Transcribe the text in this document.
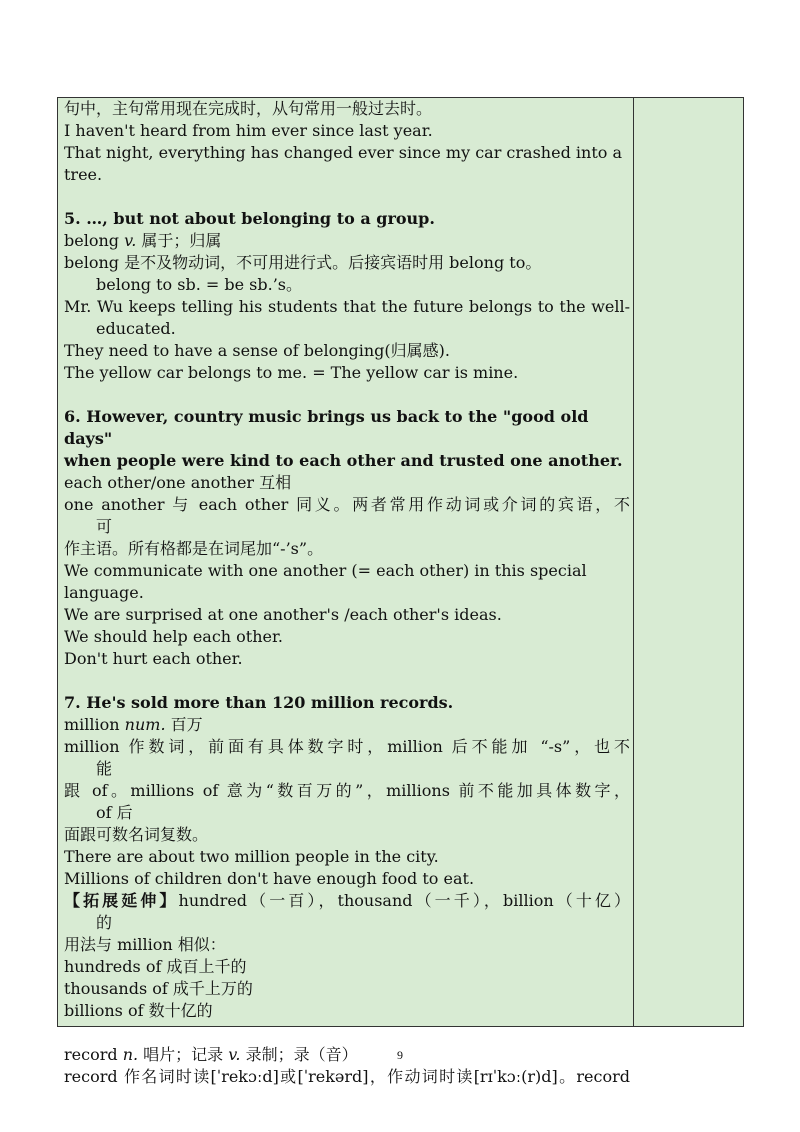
句中，主句常用现在完成时，从句常用一般过去时。

I haven't heard from him ever since last year.

That night, everything has changed ever since my car crashed into a tree.

5. …, but not about belonging to a group.

belong v. 属于；归属

belong 是不及物动词，不可用进行式。后接宾语时用 belong to。

belong to sb. = be sb.’s。

Mr. Wu keeps telling his students that the future belongs to the well-

educated.

They need to have a sense of belonging(归属感).

The yellow car belongs to me. = The yellow car is mine.

6. However, country music brings us back to the "good old days"

when people were kind to each other and trusted one another.

each other/one another 互相

one another 与 each other 同义。两者常用作动词或介词的宾语，不

可

作主语。所有格都是在词尾加“-’s”。

We communicate with one another (= each other) in this special language.

We are surprised at one another's /each other's ideas.

We should help each other.

Don't hurt each other.

7. He's sold more than 120 million records.

million num. 百万

million 作数词，前面有具体数字时，million 后不能加 “-s”，也不

能

跟 of。millions of 意为“数百万的”，millions 前不能加具体数字，

of 后

面跟可数名词复数。

There are about two million people in the city.

Millions of children don't have enough food to eat.

【拓展延伸】hundred（一百），thousand（一千），billion（十亿）

的

用法与 million 相似：

hundreds of 成百上千的

thousands of 成千上万的

billions of 数十亿的

record n. 唱片；记录 v. 录制；录（音）

record 作名词时读[ˈrekɔːd]或[ˈrekərd]，作动词时读[rɪˈkɔː(r)d]。record

9
